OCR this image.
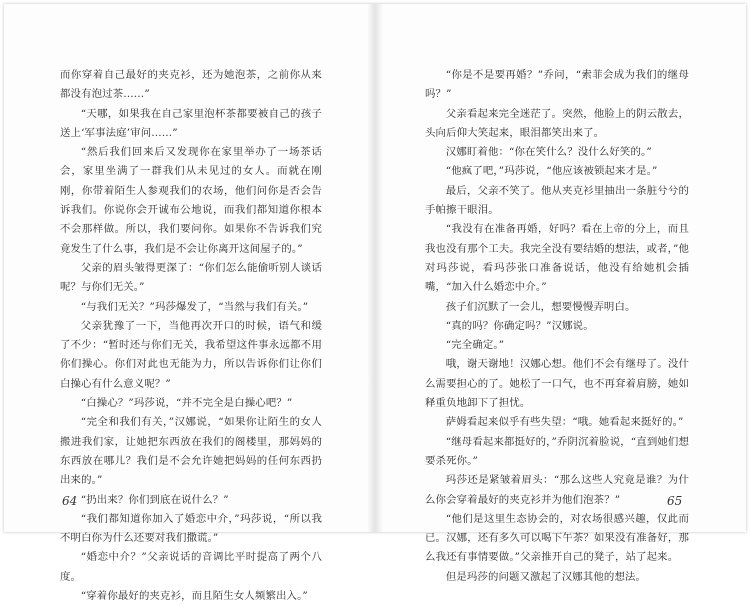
而你穿着自己最好的夹克衫，还为她泡茶，之前你从来都没有泡过茶……”

“天哪，如果我在自己家里泡杯茶都要被自己的孩子送上‘军事法庭’审问……”

“然后我们回来后又发现你在家里举办了一场茶话会，家里坐满了一群我们从未见过的女人。而就在刚刚，你带着陌生人参观我们的农场，他们问你是否会告诉我们。你说你会开诚布公地说，而我们都知道你根本不会那样做。所以，我们要问你。如果你不告诉我们究竟发生了什么事，我们是不会让你离开这间屋子的。”

父亲的眉头皱得更深了：“你们怎么能偷听别人谈话呢？与你们无关。”

“与我们无关？”玛莎爆发了，“当然与我们有关。”

父亲犹豫了一下，当他再次开口的时候，语气和缓了不少：“暂时还与你们无关，我希望这件事永远都不用你们操心。你们对此也无能为力，所以告诉你们让你们白操心有什么意义呢？”

“白操心？”玛莎说，“并不完全是白操心吧？”

“完全和我们有关，”汉娜说，“如果你让陌生的女人搬进我们家，让她把东西放在我们的阁楼里，那妈妈的东西放在哪儿？我们是不会允许她把妈妈的任何东西扔出来的。”

“扔出来？你们到底在说什么？”

“我们都知道你加入了婚恋中介，”玛莎说，“所以我不明白你为什么还要对我们撒谎。”

“婚恋中介？”父亲说话的音调比平时提高了两个八度。

“穿着你最好的夹克衫，而且陌生女人频繁出入。”

64

“你是不是要再婚？”乔问，“索菲会成为我们的继母吗？”

父亲看起来完全迷茫了。突然，他脸上的阴云散去，头向后仰大笑起来，眼泪都笑出来了。

汉娜盯着他：“你在笑什么？没什么好笑的。”

“他疯了吧，”玛莎说，“他应该被锁起来才是。”

最后，父亲不笑了。他从夹克衫里抽出一条脏兮兮的手帕擦干眼泪。

“我没有在准备再婚，好吗？看在上帝的分上，而且我也没有那个工夫。我完全没有要结婚的想法，或者，”他对玛莎说，看玛莎张口准备说话，他没有给她机会插嘴，“加入什么婚恋中介。”

孩子们沉默了一会儿，想要慢慢弄明白。

“真的吗？你确定吗？”汉娜说。

“完全确定。”

哦，谢天谢地！汉娜心想。他们不会有继母了。没什么需要担心的了。她松了一口气，也不再耷着肩膀，她如释重负地卸下了担忧。

萨姆看起来似乎有些失望：“哦。她看起来挺好的。”

“继母看起来都挺好的，”乔阴沉着脸说，“直到她们想要杀死你。”

玛莎还是紧皱着眉头：“那么这些人究竟是谁？为什么你会穿着最好的夹克衫并为他们泡茶？”

“他们是这里生态协会的，对农场很感兴趣，仅此而已。汉娜，还有多久可以喝下午茶？如果没有准备好，那么我还有事情要做。”父亲推开自己的凳子，站了起来。

但是玛莎的问题又激起了汉娜其他的想法。

65
